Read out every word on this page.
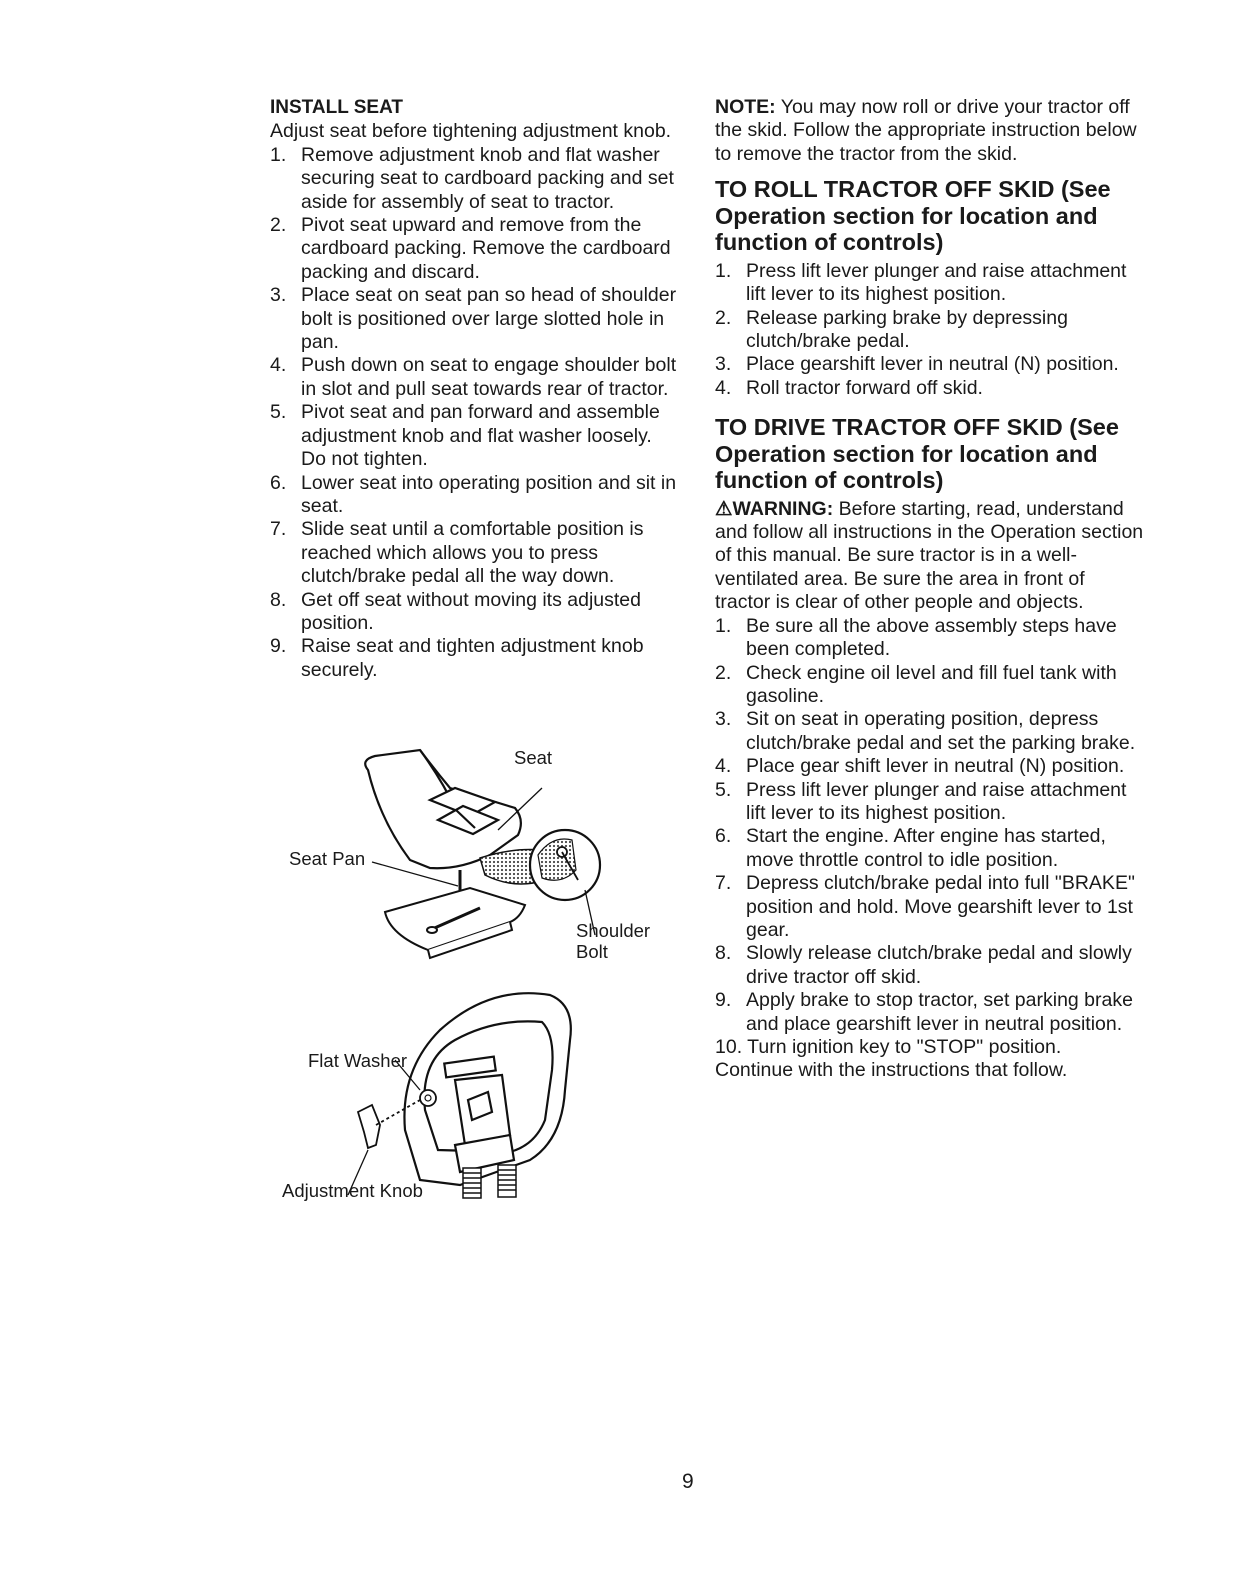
INSTALL SEAT

Adjust seat before tightening adjustment knob.

1. Remove adjustment knob and flat washer securing seat to cardboard packing and set aside for assembly of seat to tractor.
2. Pivot seat upward and remove from the cardboard packing. Remove the cardboard packing and discard.
3. Place seat on seat pan so head of shoulder bolt is positioned over large slotted hole in pan.
4. Push down on seat to engage shoulder bolt in slot and pull seat towards rear of tractor.
5. Pivot seat and pan forward and assemble adjustment knob and flat washer loosely. Do not tighten.
6. Lower seat into operating position and sit in seat.
7. Slide seat until a comfortable position is reached which allows you to press clutch/brake pedal all the way down.
8. Get off seat without moving its adjusted position.
9. Raise seat and tighten adjustment knob securely.
Seat
Seat Pan
Shoulder
Bolt
Flat Washer
Adjustment Knob

NOTE: You may now roll or drive your tractor off the skid. Follow the appropriate instruction below to remove the tractor from the skid.

TO ROLL TRACTOR OFF SKID (See Operation section for location and function of controls)
1. Press lift lever plunger and raise attachment lift lever to its highest position.
2. Release parking brake by depressing clutch/brake pedal.
3. Place gearshift lever in neutral (N) position.
4. Roll tractor forward off skid.
TO DRIVE TRACTOR OFF SKID (See Operation section for location and function of controls)

⚠WARNING: Before starting, read, understand and follow all instructions in the Operation section of this manual. Be sure tractor is in a well-ventilated area. Be sure the area in front of tractor is clear of other people and objects.

1. Be sure all the above assembly steps have been completed.
2. Check engine oil level and fill fuel tank with gasoline.
3. Sit on seat in operating position, depress clutch/brake pedal and set the parking brake.
4. Place gear shift lever in neutral (N) position.
5. Press lift lever plunger and raise attachment lift lever to its highest position.
6. Start the engine. After engine has started, move throttle control to idle position.
7. Depress clutch/brake pedal into full "BRAKE" position and hold. Move gearshift lever to 1st gear.
8. Slowly release clutch/brake pedal and slowly drive tractor off skid.
9. Apply brake to stop tractor, set parking brake and place gearshift lever in neutral position.

10. Turn ignition key to "STOP" position.

Continue with the instructions that follow.

9
